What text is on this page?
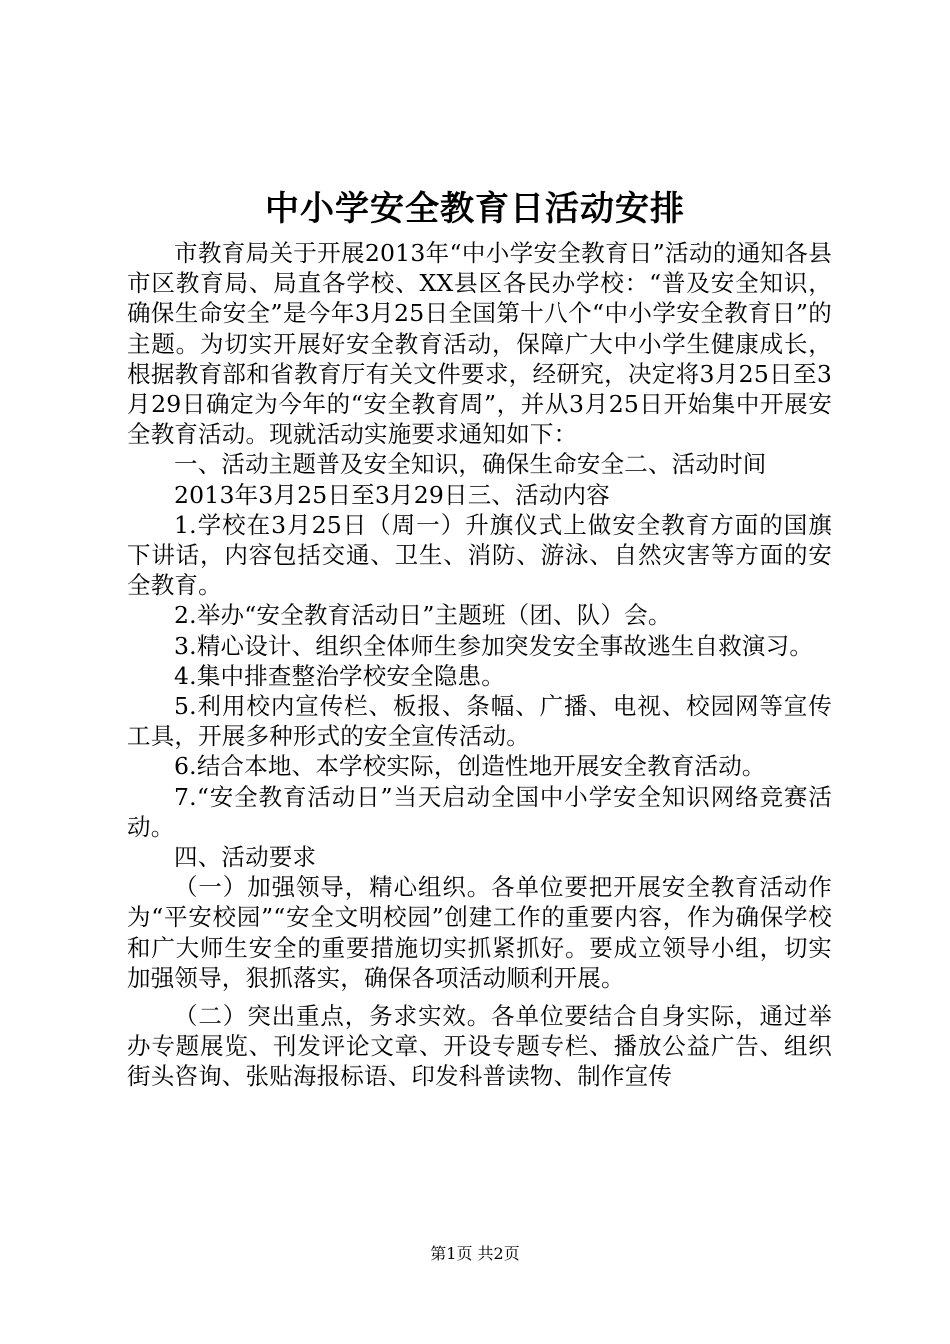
中小学安全教育日活动安排

市教育局关于开展2013年“中小学安全教育日”活动的通知各县市区教育局、局直各学校、XX县区各民办学校：“普及安全知识，确保生命安全”是今年3月25日全国第十八个“中小学安全教育日”的主题。为切实开展好安全教育活动，保障广大中小学生健康成长，根据教育部和省教育厅有关文件要求，经研究，决定将3月25日至3月29日确定为今年的“安全教育周”，并从3月25日开始集中开展安全教育活动。现就活动实施要求通知如下：

一、活动主题普及安全知识，确保生命安全二、活动时间

2013年3月25日至3月29日三、活动内容

1.学校在3月25日（周一）升旗仪式上做安全教育方面的国旗下讲话，内容包括交通、卫生、消防、游泳、自然灾害等方面的安全教育。

2.举办“安全教育活动日”主题班（团、队）会。

3.精心设计、组织全体师生参加突发安全事故逃生自救演习。

4.集中排查整治学校安全隐患。

5.利用校内宣传栏、板报、条幅、广播、电视、校园网等宣传工具，开展多种形式的安全宣传活动。

6.结合本地、本学校实际，创造性地开展安全教育活动。

7.“安全教育活动日”当天启动全国中小学安全知识网络竞赛活动。

四、活动要求

（一）加强领导，精心组织。各单位要把开展安全教育活动作为“平安校园”“安全文明校园”创建工作的重要内容，作为确保学校和广大师生安全的重要措施切实抓紧抓好。要成立领导小组，切实加强领导，狠抓落实，确保各项活动顺利开展。

（二）突出重点，务求实效。各单位要结合自身实际，通过举办专题展览、刊发评论文章、开设专题专栏、播放公益广告、组织街头咨询、张贴海报标语、印发科普读物、制作宣传

第1页 共2页
